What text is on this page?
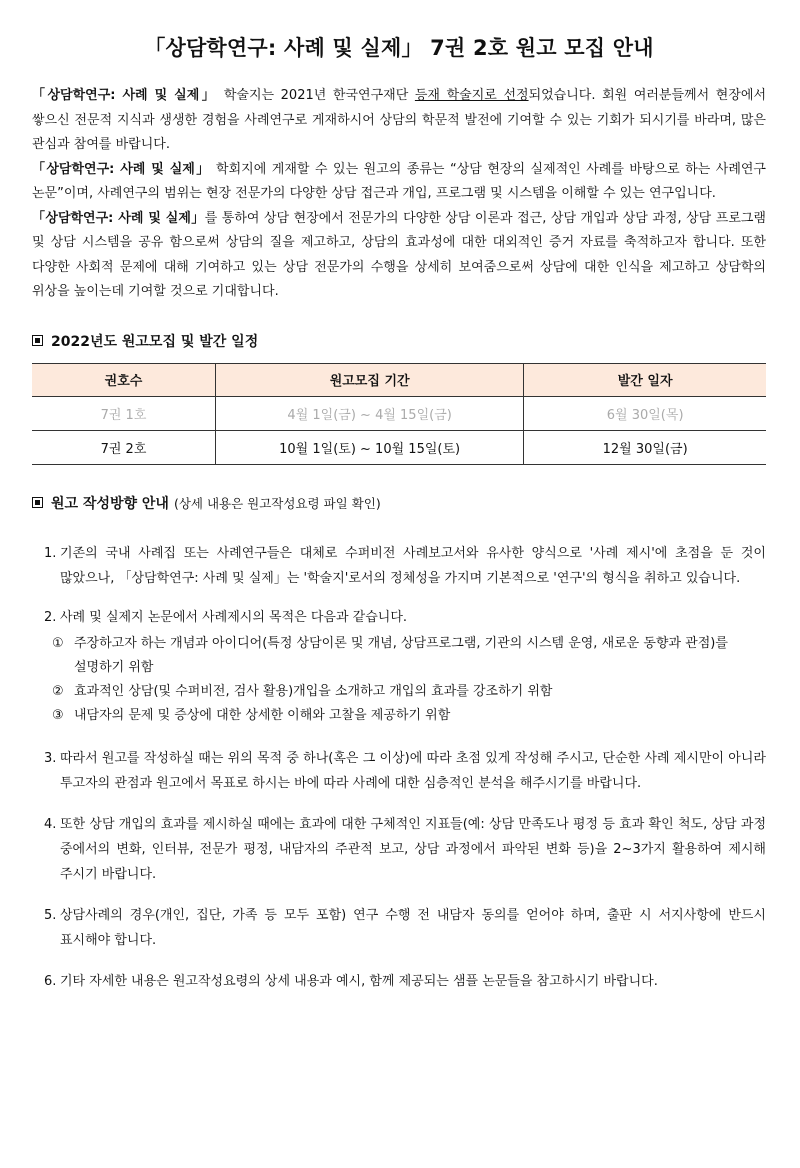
「상담학연구: 사례 및 실제」 7권 2호 원고 모집 안내

「상담학연구: 사례 및 실제」 학술지는 2021년 한국연구재단 등재 학술지로 선정되었습니다. 회원 여러분들께서 현장에서 쌓으신 전문적 지식과 생생한 경험을 사례연구로 게재하시어 상담의 학문적 발전에 기여할 수 있는 기회가 되시기를 바라며, 많은 관심과 참여를 바랍니다.

「상담학연구: 사례 및 실제」 학회지에 게재할 수 있는 원고의 종류는 “상담 현장의 실제적인 사례를 바탕으로 하는 사례연구 논문”이며, 사례연구의 범위는 현장 전문가의 다양한 상담 접근과 개입, 프로그램 및 시스템을 이해할 수 있는 연구입니다.

「상담학연구: 사례 및 실제」를 통하여 상담 현장에서 전문가의 다양한 상담 이론과 접근, 상담 개입과 상담 과정, 상담 프로그램 및 상담 시스템을 공유 함으로써 상담의 질을 제고하고, 상담의 효과성에 대한 대외적인 증거 자료를 축적하고자 합니다. 또한 다양한 사회적 문제에 대해 기여하고 있는 상담 전문가의 수행을 상세히 보여줌으로써 상담에 대한 인식을 제고하고 상담학의 위상을 높이는데 기여할 것으로 기대합니다.

2022년도 원고모집 및 발간 일정
권호수	원고모집 기간	발간 일자
7권 1호	4월 1일(금) ~ 4월 15일(금)	6월 30일(목)
7권 2호	10월 1일(토) ~ 10월 15일(토)	12월 30일(금)
원고 작성방향 안내 (상세 내용은 원고작성요령 파일 확인)
1. 기존의 국내 사례집 또는 사례연구들은 대체로 수퍼비전 사례보고서와 유사한 양식으로 '사례 제시'에 초점을 둔 것이 많았으나, 「상담학연구: 사례 및 실제」는 '학술지'로서의 정체성을 가지며 기본적으로 '연구'의 형식을 취하고 있습니다.
2. 사례 및 실제지 논문에서 사례제시의 목적은 다음과 같습니다.
① 주장하고자 하는 개념과 아이디어(특정 상담이론 및 개념, 상담프로그램, 기관의 시스템 운영, 새로운 동향과 관점)를 설명하기 위함
② 효과적인 상담(및 수퍼비전, 검사 활용)개입을 소개하고 개입의 효과를 강조하기 위함
③ 내담자의 문제 및 증상에 대한 상세한 이해와 고찰을 제공하기 위함
3. 따라서 원고를 작성하실 때는 위의 목적 중 하나(혹은 그 이상)에 따라 초점 있게 작성해 주시고, 단순한 사례 제시만이 아니라 투고자의 관점과 원고에서 목표로 하시는 바에 따라 사례에 대한 심층적인 분석을 해주시기를 바랍니다.
4. 또한 상담 개입의 효과를 제시하실 때에는 효과에 대한 구체적인 지표들(예: 상담 만족도나 평정 등 효과 확인 척도, 상담 과정 중에서의 변화, 인터뷰, 전문가 평정, 내담자의 주관적 보고, 상담 과정에서 파악된 변화 등)을 2~3가지 활용하여 제시해 주시기 바랍니다.
5. 상담사례의 경우(개인, 집단, 가족 등 모두 포함) 연구 수행 전 내담자 동의를 얻어야 하며, 출판 시 서지사항에 반드시 표시해야 합니다.
6. 기타 자세한 내용은 원고작성요령의 상세 내용과 예시, 함께 제공되는 샘플 논문들을 참고하시기 바랍니다.
